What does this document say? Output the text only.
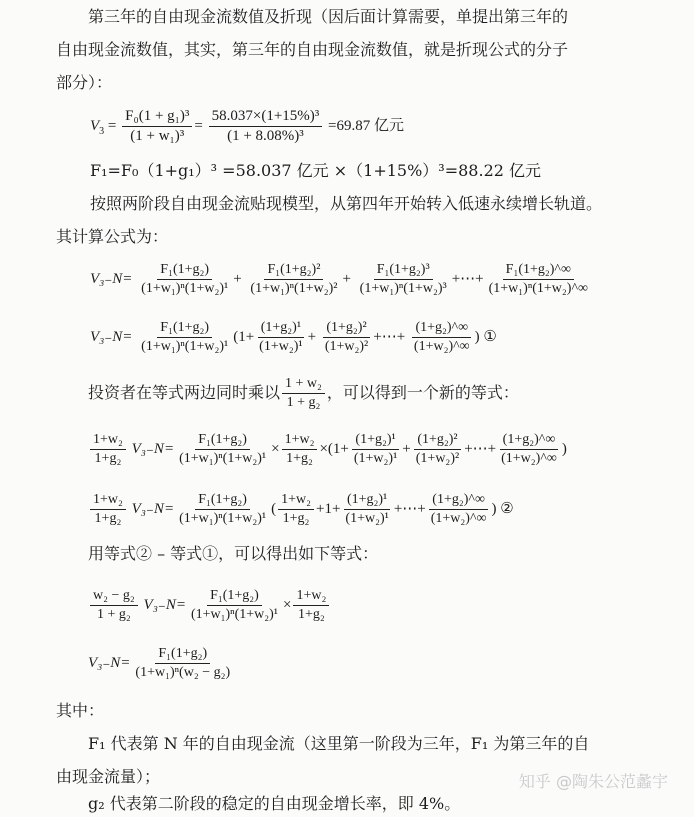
第三年的自由现金流数值及折现（因后面计算需要，单提出第三年的
自由现金流数值，其实，第三年的自由现金流数值，就是折现公式的分子
部分）：
$V_3 = \frac{\text{F₀(1 + g₁)³}}{\text{(1 + w₁)³}} = \frac{\text{58.037×(1+15\%)³}}{\text{(1 + 8.08\%)³}} =69.87$ 亿元
F₁=F₀（1+g₁）³ =58.037 亿元 ×（1+15%）³=88.22 亿元
按照两阶段自由现金流贴现模型，从第四年开始转入低速永续增长轨道。
其计算公式为：
$V_{3-}N= \frac{\text{F₁(1+g₂)}}{\text{(1+w₁)ⁿ(1+w₂)¹}} + \frac{\text{F₁(1+g₂)²}}{\text{(1+w₁)ⁿ(1+w₂)²}} + \frac{\text{F₁(1+g₂)³}}{\text{(1+w₁)ⁿ(1+w₂)³}}$ +⋯+ $\frac{\text{F₁(1+g₂)\textasciicircum{}∞}}{\text{(1+w₁)ⁿ(1+w₂)\textasciicircum{}∞}}$
$V_{3-}N= \frac{\text{F₁(1+g₂)}}{\text{(1+w₁)ⁿ(1+w₂)¹}} (1+ \frac{\text{(1+g₂)¹}}{\text{(1+w₂)¹}} + \frac{\text{(1+g₂)²}}{\text{(1+w₂)²}}$ +⋯+ $\frac{\text{(1+g₂)\textasciicircum{}∞}}{\text{(1+w₂)\textasciicircum{}∞}}$ ) ①
投资者在等式两边同时乘以 $\frac{\text{1 + w₂}}{\text{1 + g₂}}$ ，可以得到一个新的等式：
$\frac{\text{1+w₂}}{\text{1+g₂}} V_{3-}N= \frac{\text{F₁(1+g₂)}}{\text{(1+w₁)ⁿ(1+w₂)¹}} \times \frac{\text{1+w₂}}{\text{1+g₂}} \times(1+ \frac{\text{(1+g₂)¹}}{\text{(1+w₂)¹}} + \frac{\text{(1+g₂)²}}{\text{(1+w₂)²}}$ +⋯+ $\frac{\text{(1+g₂)\textasciicircum{}∞}}{\text{(1+w₂)\textasciicircum{}∞}}$ )
$\frac{\text{1+w₂}}{\text{1+g₂}} V_{3-}N= \frac{\text{F₁(1+g₂)}}{\text{(1+w₁)ⁿ(1+w₂)¹}}$ ( $\frac{\text{1+w₂}}{\text{1+g₂}} +1+ \frac{\text{(1+g₂)¹}}{\text{(1+w₂)¹}}$ +⋯+ $\frac{\text{(1+g₂)\textasciicircum{}∞}}{\text{(1+w₂)\textasciicircum{}∞}}$ ) ②
用等式② – 等式①，可以得出如下等式：
$\frac{\text{w₂ − g₂}}{\text{1 + g₂}} V_{3-}N= \frac{\text{F₁(1+g₂)}}{\text{(1+w₁)ⁿ(1+w₂)¹}} \times \frac{\text{1+w₂}}{\text{1+g₂}}$
$V_{3-}N= \frac{\text{F₁(1+g₂)}}{\text{(1+w₁)ⁿ(w₂ − g₂)}}$
其中：
F₁ 代表第 N 年的自由现金流（这里第一阶段为三年，F₁ 为第三年的自
由现金流量）；
g₂ 代表第二阶段的稳定的自由现金增长率，即 4%。
知乎 @陶朱公范蠡宇
